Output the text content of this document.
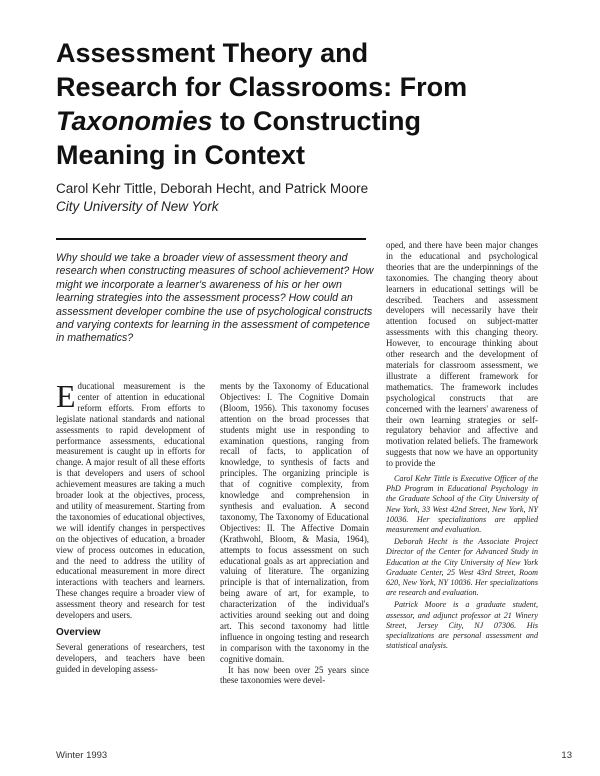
Assessment Theory and
Research for Classrooms: From
Taxonomies to Constructing
Meaning in Context
Carol Kehr Tittle, Deborah Hecht, and Patrick Moore
City University of New York

Why should we take a broader view of assessment theory and research when constructing measures of school achievement? How might we incorporate a learner's awareness of his or her own learning strategies into the assessment process? How could an assessment developer combine the use of psychological constructs and varying contexts for learning in the assessment of competence in mathematics?

Educational measurement is the center of attention in educational reform efforts. From efforts to legislate national standards and national assessments to rapid development of performance assessments, educational measurement is caught up in efforts for change. A major result of all these efforts is that developers and users of school achievement measures are taking a much broader look at the objectives, process, and utility of measurement. Starting from the taxonomies of educational objectives, we will identify changes in perspectives on the objectives of education, a broader view of process outcomes in education, and the need to address the utility of educational measurement in more direct interactions with teachers and learners. These changes require a broader view of assessment theory and research for test developers and users.

Overview

Several generations of researchers, test developers, and teachers have been guided in developing assess-

ments by the Taxonomy of Educational Objectives: I. The Cognitive Domain (Bloom, 1956). This taxonomy focuses attention on the broad processes that students might use in responding to examination questions, ranging from recall of facts, to application of knowledge, to synthesis of facts and principles. The organizing principle is that of cognitive complexity, from knowledge and comprehension in synthesis and evaluation. A second taxonomy, The Taxonomy of Educational Objectives: II. The Affective Domain (Krathwohl, Bloom, & Masia, 1964), attempts to focus assessment on such educational goals as art appreciation and valuing of literature. The organizing principle is that of internalization, from being aware of art, for example, to characterization of the individual's activities around seeking out and doing art. This second taxonomy had little influence in ongoing testing and research in comparison with the taxonomy in the cognitive domain.

It has now been over 25 years since these taxonomies were devel-

oped, and there have been major changes in the educational and psychological theories that are the underpinnings of the taxonomies. The changing theory about learners in educational settings will be described. Teachers and assessment developers will necessarily have their attention focused on subject-matter assessments with this changing theory. However, to encourage thinking about other research and the development of materials for classroom assessment, we illustrate a different framework for mathematics. The framework includes psychological constructs that are concerned with the learners' awareness of their own learning strategies or self-regulatory behavior and affective and motivation related beliefs. The framework suggests that now we have an opportunity to provide the

Carol Kehr Tittle is Executive Officer of the PhD Program in Educational Psychology in the Graduate School of the City University of New York, 33 West 42nd Street, New York, NY 10036. Her specializations are applied measurement and evaluation.

Deborah Hecht is the Associate Project Director of the Center for Advanced Study in Education at the City University of New York Graduate Center, 25 West 43rd Street, Room 620, New York, NY 10036. Her specializations are research and evaluation.

Patrick Moore is a graduate student, assessor, and adjunct professor at 21 Winery Street, Jersey City, NJ 07306. His specializations are personal assessment and statistical analysis.

Winter 1993	13
